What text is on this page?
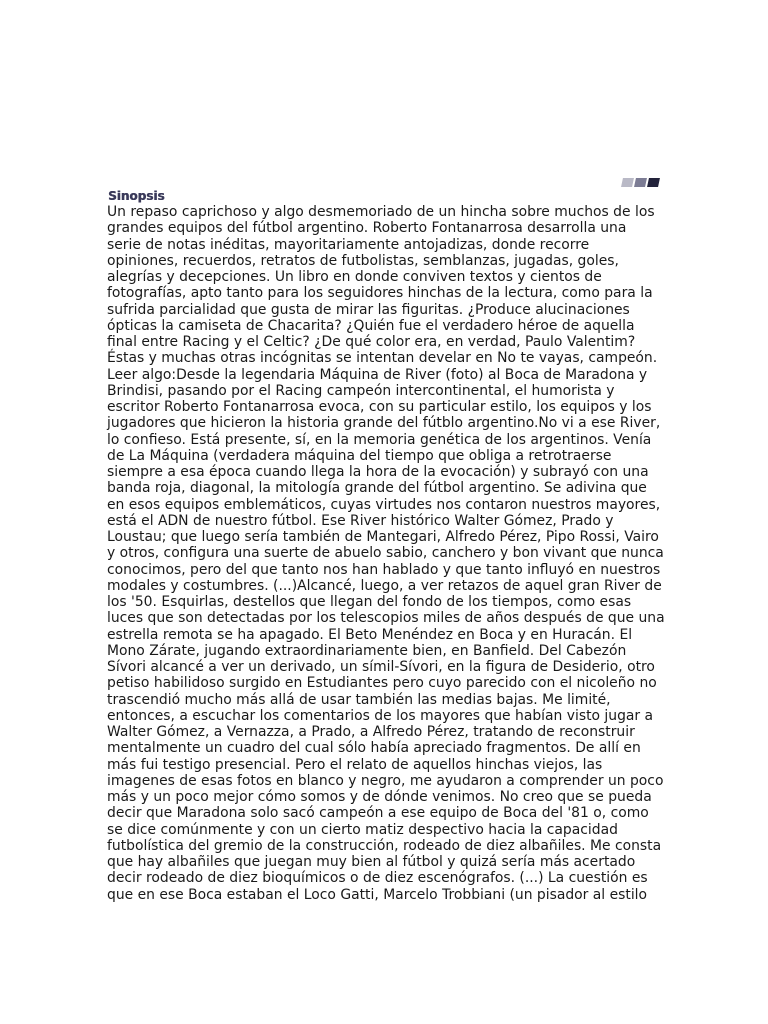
Sinopsis

Un repaso caprichoso y algo desmemoriado de un hincha sobre muchos de los
grandes equipos del fútbol argentino. Roberto Fontanarrosa desarrolla una
serie de notas inéditas, mayoritariamente antojadizas, donde recorre
opiniones, recuerdos, retratos de futbolistas, semblanzas, jugadas, goles,
alegrías y decepciones. Un libro en donde conviven textos y cientos de
fotografías, apto tanto para los seguidores hinchas de la lectura, como para la
sufrida parcialidad que gusta de mirar las figuritas. ¿Produce alucinaciones
ópticas la camiseta de Chacarita? ¿Quién fue el verdadero héroe de aquella
final entre Racing y el Celtic? ¿De qué color era, en verdad, Paulo Valentim?
Éstas y muchas otras incógnitas se intentan develar en No te vayas, campeón.
Leer algo:Desde la legendaria Máquina de River (foto) al Boca de Maradona y
Brindisi, pasando por el Racing campeón intercontinental, el humorista y
escritor Roberto Fontanarrosa evoca, con su particular estilo, los equipos y los
jugadores que hicieron la historia grande del fútblo argentino.No vi a ese River,
lo confieso. Está presente, sí, en la memoria genética de los argentinos. Venía
de La Máquina (verdadera máquina del tiempo que obliga a retrotraerse
siempre a esa época cuando llega la hora de la evocación) y subrayó con una
banda roja, diagonal, la mitología grande del fútbol argentino. Se adivina que
en esos equipos emblemáticos, cuyas virtudes nos contaron nuestros mayores,
está el ADN de nuestro fútbol. Ese River histórico Walter Gómez, Prado y
Loustau; que luego sería también de Mantegari, Alfredo Pérez, Pipo Rossi, Vairo
y otros, configura una suerte de abuelo sabio, canchero y bon vivant que nunca
conocimos, pero del que tanto nos han hablado y que tanto influyó en nuestros
modales y costumbres. (...)Alcancé, luego, a ver retazos de aquel gran River de
los '50. Esquirlas, destellos que llegan del fondo de los tiempos, como esas
luces que son detectadas por los telescopios miles de años después de que una
estrella remota se ha apagado. El Beto Menéndez en Boca y en Huracán. El
Mono Zárate, jugando extraordinariamente bien, en Banfield. Del Cabezón
Sívori alcancé a ver un derivado, un símil-Sívori, en la figura de Desiderio, otro
petiso habilidoso surgido en Estudiantes pero cuyo parecido con el nicoleño no
trascendió mucho más allá de usar también las medias bajas. Me limité,
entonces, a escuchar los comentarios de los mayores que habían visto jugar a
Walter Gómez, a Vernazza, a Prado, a Alfredo Pérez, tratando de reconstruir
mentalmente un cuadro del cual sólo había apreciado fragmentos. De allí en
más fui testigo presencial. Pero el relato de aquellos hinchas viejos, las
imagenes de esas fotos en blanco y negro, me ayudaron a comprender un poco
más y un poco mejor cómo somos y de dónde venimos. No creo que se pueda
decir que Maradona solo sacó campeón a ese equipo de Boca del '81 o, como
se dice comúnmente y con un cierto matiz despectivo hacia la capacidad
futbolística del gremio de la construcción, rodeado de diez albañiles. Me consta
que hay albañiles que juegan muy bien al fútbol y quizá sería más acertado
decir rodeado de diez bioquímicos o de diez escenógrafos. (...) La cuestión es
que en ese Boca estaban el Loco Gatti, Marcelo Trobbiani (un pisador al estilo
